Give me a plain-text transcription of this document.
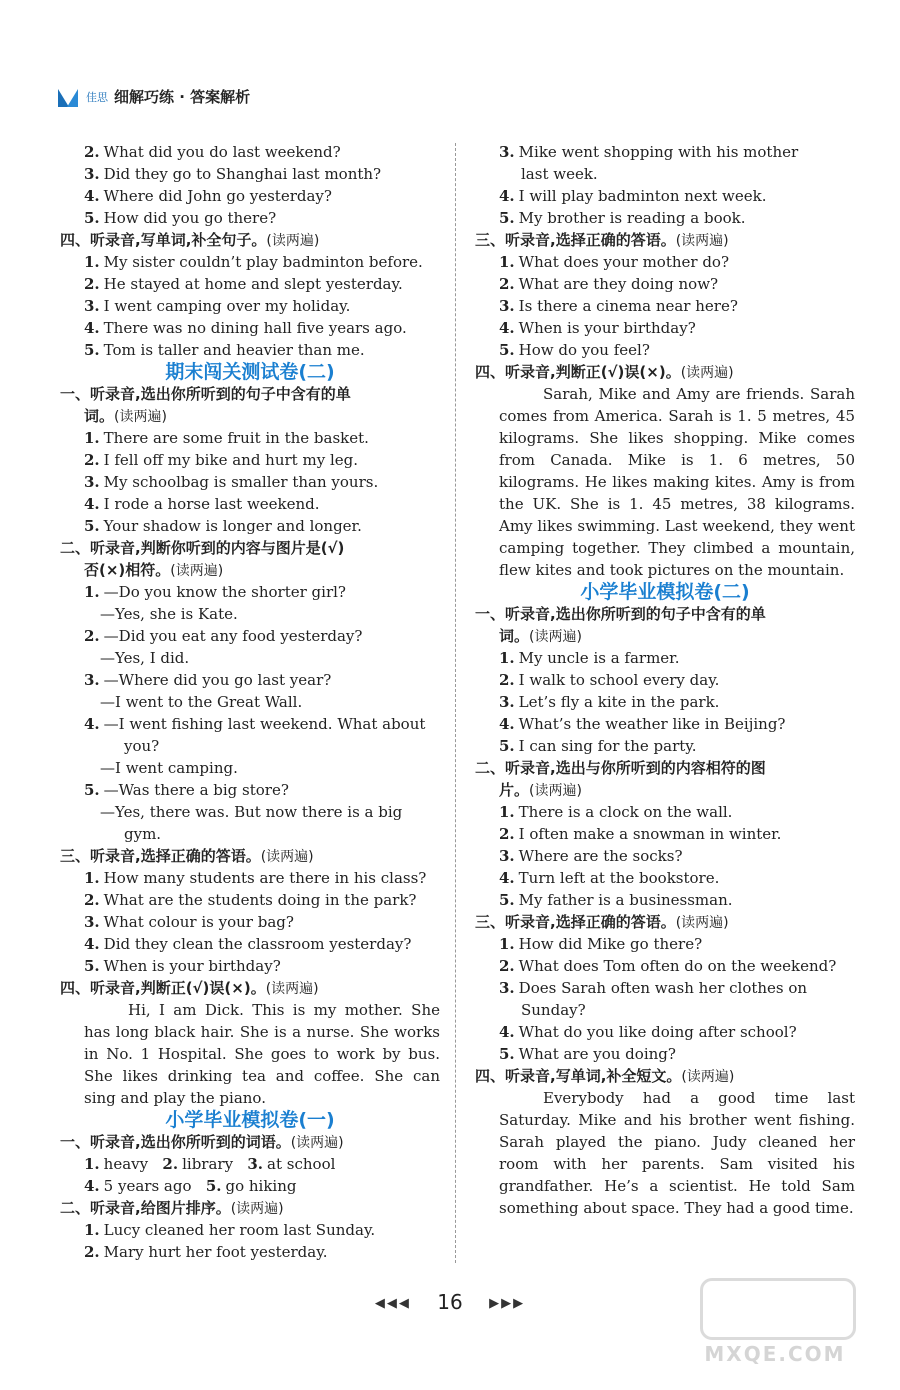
佳思 细解巧练 · 答案解析
2. What did you do last weekend?
3. Did they go to Shanghai last month?
4. Where did John go yesterday?
5. How did you go there?
四、听录音,写单词,补全句子。(读两遍)
1. My sister couldn’t play badminton before.
2. He stayed at home and slept yesterday.
3. I went camping over my holiday.
4. There was no dining hall five years ago.
5. Tom is taller and heavier than me.
期末闯关测试卷(二)
一、听录音,选出你所听到的句子中含有的单
词。(读两遍)
1. There are some fruit in the basket.
2. I fell off my bike and hurt my leg.
3. My schoolbag is smaller than yours.
4. I rode a horse last weekend.
5. Your shadow is longer and longer.
二、听录音,判断你听到的内容与图片是(√)
否(×)相符。(读两遍)
1. —Do you know the shorter girl?
—Yes, she is Kate.
2. —Did you eat any food yesterday?
—Yes, I did.
3. —Where did you go last year?
—I went to the Great Wall.
4. —I went fishing last weekend. What about
you?
—I went camping.
5. —Was there a big store?
—Yes, there was. But now there is a big
gym.
三、听录音,选择正确的答语。(读两遍)
1. How many students are there in his class?
2. What are the students doing in the park?
3. What colour is your bag?
4. Did they clean the classroom yesterday?
5. When is your birthday?
四、听录音,判断正(√)误(×)。(读两遍)
Hi, I am Dick. This is my mother. She has long black hair. She is a nurse. She works in No. 1 Hospital. She goes to work by bus. She likes drinking tea and coffee. She can sing and play the piano.
小学毕业模拟卷(一)
一、听录音,选出你所听到的词语。(读两遍)
1. heavy 2. library 3. at school
4. 5 years ago 5. go hiking
二、听录音,给图片排序。(读两遍)
1. Lucy cleaned her room last Sunday.
2. Mary hurt her foot yesterday.
3. Mike went shopping with his mother
last week.
4. I will play badminton next week.
5. My brother is reading a book.
三、听录音,选择正确的答语。(读两遍)
1. What does your mother do?
2. What are they doing now?
3. Is there a cinema near here?
4. When is your birthday?
5. How do you feel?
四、听录音,判断正(√)误(×)。(读两遍)
Sarah, Mike and Amy are friends. Sarah comes from America. Sarah is 1. 5 metres, 45 kilograms. She likes shopping. Mike comes from Canada. Mike is 1. 6 metres, 50 kilograms. He likes making kites. Amy is from the UK. She is 1. 45 metres, 38 kilograms. Amy likes swimming. Last weekend, they went camping together. They climbed a mountain, flew kites and took pictures on the mountain.
小学毕业模拟卷(二)
一、听录音,选出你所听到的句子中含有的单
词。(读两遍)
1. My uncle is a farmer.
2. I walk to school every day.
3. Let’s fly a kite in the park.
4. What’s the weather like in Beijing?
5. I can sing for the party.
二、听录音,选出与你所听到的内容相符的图
片。(读两遍)
1. There is a clock on the wall.
2. I often make a snowman in winter.
3. Where are the socks?
4. Turn left at the bookstore.
5. My father is a businessman.
三、听录音,选择正确的答语。(读两遍)
1. How did Mike go there?
2. What does Tom often do on the weekend?
3. Does Sarah often wash her clothes on
Sunday?
4. What do you like doing after school?
5. What are you doing?
四、听录音,写单词,补全短文。(读两遍)
Everybody had a good time last Saturday. Mike and his brother went fishing. Sarah played the piano. Judy cleaned her room with her parents. Sam visited his grandfather. He’s a scientist. He told Sam something about space. They had a good time.
◀◀◀ 16 ▶▶▶
MXQE.COM
